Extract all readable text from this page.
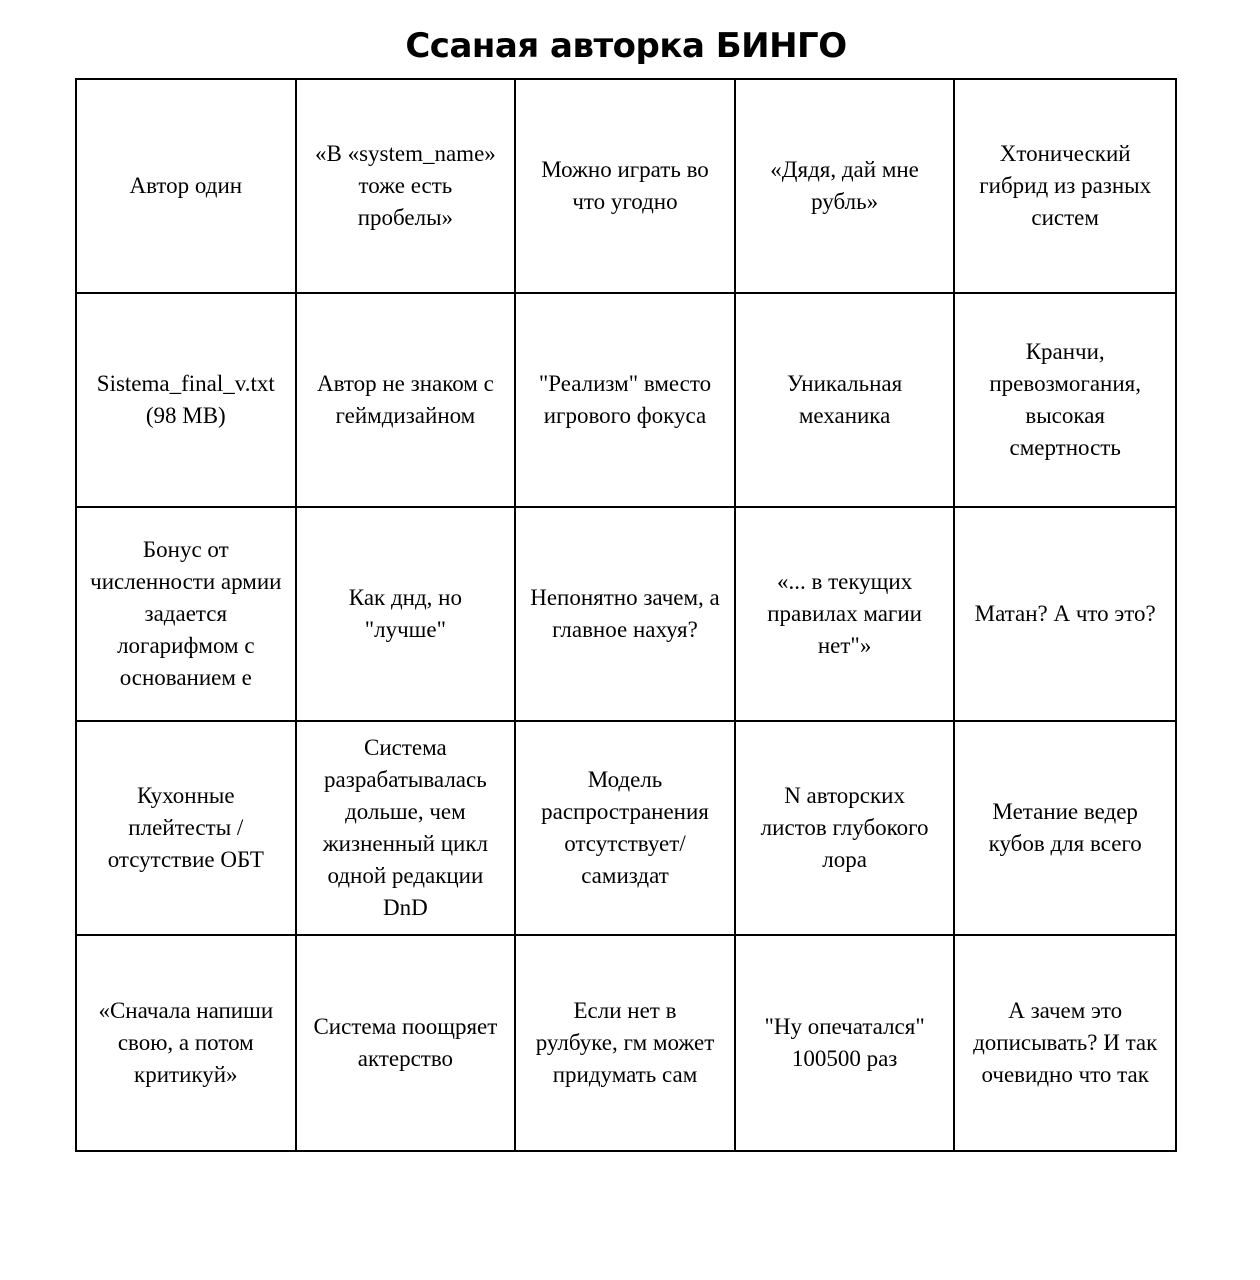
Ссаная авторка БИНГО
Автор один
«В «system_name»
тоже есть
пробелы»
Можно играть во
что угодно
«Дядя, дай мне
рубль»
Хтонический
гибрид из разных
систем
Sistema_final_v.txt
(98 MB)
Автор не знаком с
геймдизайном
"Реализм" вместо
игрового фокуса
Уникальная
механика
Кранчи,
превозмогания,
высокая
смертность
Бонус от
численности армии
задается
логарифмом с
основанием е
Как днд, но
"лучше"
Непонятно зачем, а
главное нахуя?
«... в текущих
правилах магии
нет"»
Матан? А что это?
Кухонные
плейтесты /
отсутствие ОБТ
Система
разрабатывалась
дольше, чем
жизненный цикл
одной редакции
DnD
Модель
распространения
отсутствует/
самиздат
N авторских
листов глубокого
лора
Метание ведер
кубов для всего
«Сначала напиши
свою, а потом
критикуй»
Система поощряет
актерство
Если нет в
рулбуке, гм может
придумать сам
"Ну опечатался"
100500 раз
А зачем это
дописывать? И так
очевидно что так
